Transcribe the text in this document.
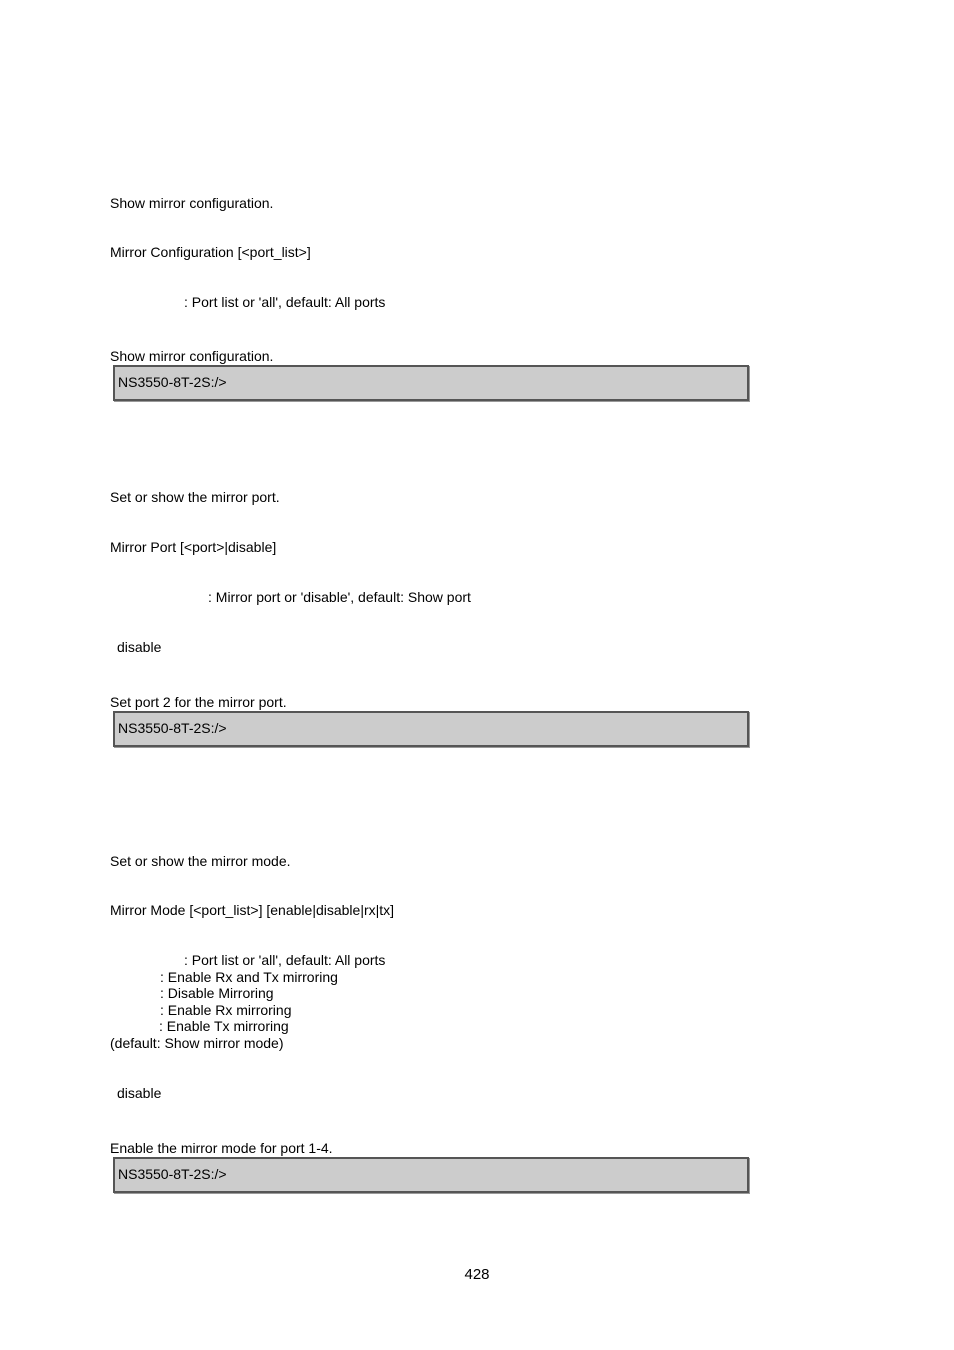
Show mirror configuration.
Mirror Configuration [<port_list>]
: Port list or 'all', default: All ports
Show mirror configuration.
NS3550-8T-2S:/>
Set or show the mirror port.
Mirror Port [<port>|disable]
: Mirror port or 'disable', default: Show port
disable
Set port 2 for the mirror port.
NS3550-8T-2S:/>
Set or show the mirror mode.
Mirror Mode [<port_list>] [enable|disable|rx|tx]
: Port list or 'all', default: All ports
: Enable Rx and Tx mirroring
: Disable Mirroring
: Enable Rx mirroring
: Enable Tx mirroring
(default: Show mirror mode)
disable
Enable the mirror mode for port 1-4.
NS3550-8T-2S:/>
428
